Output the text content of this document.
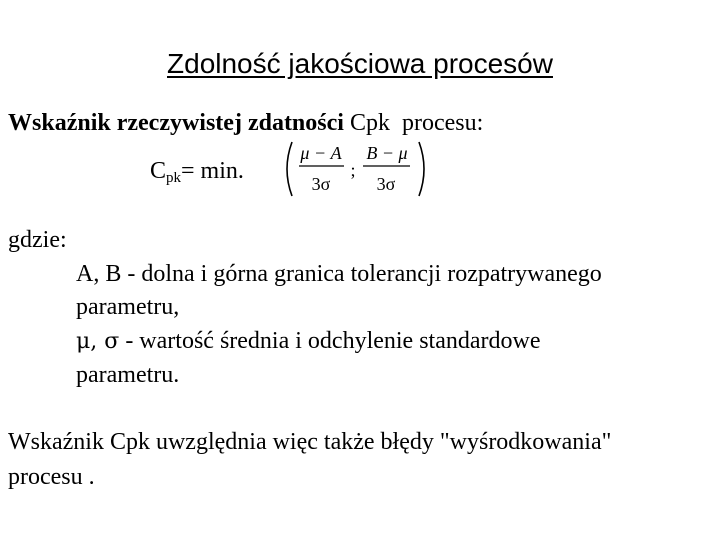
Zdolność jakościowa procesów
Wskaźnik rzeczywistej zdatności Cpk  procesu:
$C_{pk}= \min$.
μ − A
3σ
;
B − μ
3σ
gdzie:
A, B - dolna i górna granica tolerancji rozpatrywanego
parametru,
μ, σ - wartość średnia i odchylenie standardowe
parametru.
Wskaźnik Cpk uwzględnia więc także błędy "wyśrodkowania"
procesu .
